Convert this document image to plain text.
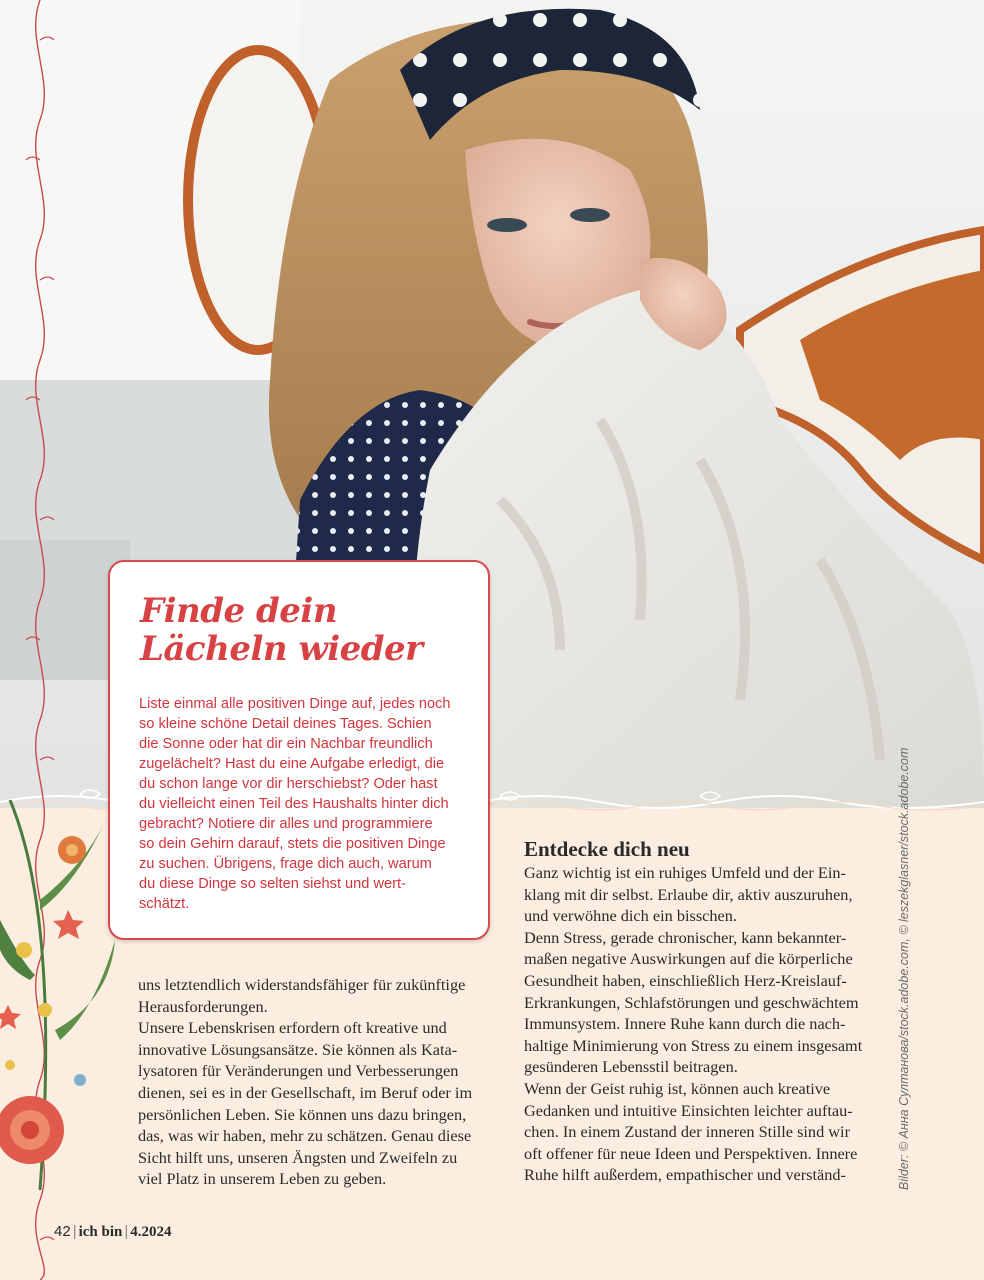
Finde dein Lächeln wieder

Liste einmal alle positiven Dinge auf, jedes noch
so kleine schöne Detail deines Tages. Schien
die Sonne oder hat dir ein Nachbar freundlich
zugelächelt? Hast du eine Aufgabe erledigt, die
du schon lange vor dir herschiebst? Oder hast
du vielleicht einen Teil des Haushalts hinter dich
gebracht? Notiere dir alles und programmiere
so dein Gehirn darauf, stets die positiven Dinge
zu suchen. Übrigens, frage dich auch, warum
du diese Dinge so selten siehst und wert-
schätzt.

uns letztendlich widerstandsfähiger für zukünftige
Herausforderungen.
Unsere Lebenskrisen erfordern oft kreative und
innovative Lösungsansätze. Sie können als Kata-
lysatoren für Veränderungen und Verbesserungen
dienen, sei es in der Gesellschaft, im Beruf oder im
persönlichen Leben. Sie können uns dazu bringen,
das, was wir haben, mehr zu schätzen. Genau diese
Sicht hilft uns, unseren Ängsten und Zweifeln zu
viel Platz in unserem Leben zu geben.
Entdecke dich neu
Ganz wichtig ist ein ruhiges Umfeld und der Ein-
klang mit dir selbst. Erlaube dir, aktiv auszuruhen,
und verwöhne dich ein bisschen.
Denn Stress, gerade chronischer, kann bekannter-
maßen negative Auswirkungen auf die körperliche
Gesundheit haben, einschließlich Herz-Kreislauf-
Erkrankungen, Schlafstörungen und geschwächtem
Immunsystem. Innere Ruhe kann durch die nach-
haltige Minimierung von Stress zu einem insgesamt
gesünderen Lebensstil beitragen.
Wenn der Geist ruhig ist, können auch kreative
Gedanken und intuitive Einsichten leichter auftau-
chen. In einem Zustand der inneren Stille sind wir
oft offener für neue Ideen und Perspektiven. Innere
Ruhe hilft außerdem, empathischer und verständ-	Bilder: © Анна Султанова/stock.adobe.com, © leszekglasner/stock.adobe.com
42 | ich bin | 4.2024
